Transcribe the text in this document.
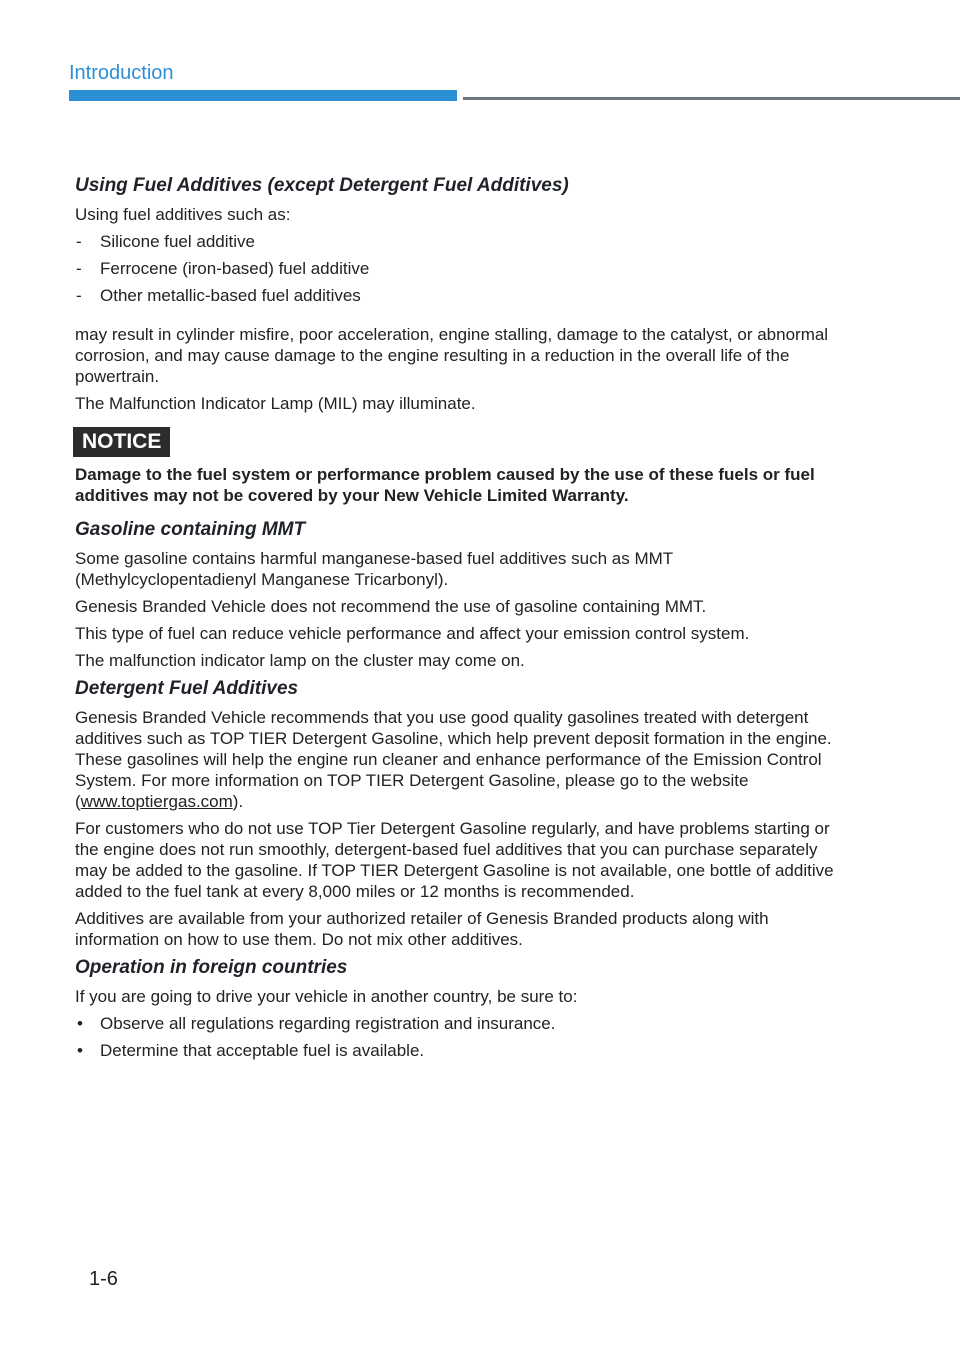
Introduction
Using Fuel Additives (except Detergent Fuel Additives)

Using fuel additives such as:

- Silicone fuel additive
- Ferrocene (iron-based) fuel additive
- Other metallic-based fuel additives

may result in cylinder misfire, poor acceleration, engine stalling, damage to the catalyst, or abnormal corrosion, and may cause damage to the engine resulting in a reduction in the overall life of the powertrain.

The Malfunction Indicator Lamp (MIL) may illuminate.

NOTICE

Damage to the fuel system or performance problem caused by the use of these fuels or fuel additives may not be covered by your New Vehicle Limited Warranty.

Gasoline containing MMT

Some gasoline contains harmful manganese-based fuel additives such as MMT (Methylcyclopentadienyl Manganese Tricarbonyl).

Genesis Branded Vehicle does not recommend the use of gasoline containing MMT.

This type of fuel can reduce vehicle performance and affect your emission control system.

The malfunction indicator lamp on the cluster may come on.

Detergent Fuel Additives

Genesis Branded Vehicle recommends that you use good quality gasolines treated with detergent additives such as TOP TIER Detergent Gasoline, which help prevent deposit formation in the engine. These gasolines will help the engine run cleaner and enhance performance of the Emission Control System. For more information on TOP TIER Detergent Gasoline, please go to the website (www.toptiergas.com).

For customers who do not use TOP Tier Detergent Gasoline regularly, and have problems starting or the engine does not run smoothly, detergent-based fuel additives that you can purchase separately may be added to the gasoline. If TOP TIER Detergent Gasoline is not available, one bottle of additive added to the fuel tank at every 8,000 miles or 12 months is recommended.

Additives are available from your authorized retailer of Genesis Branded products along with information on how to use them. Do not mix other additives.

Operation in foreign countries

If you are going to drive your vehicle in another country, be sure to:

• Observe all regulations regarding registration and insurance.
• Determine that acceptable fuel is available.
1-6
